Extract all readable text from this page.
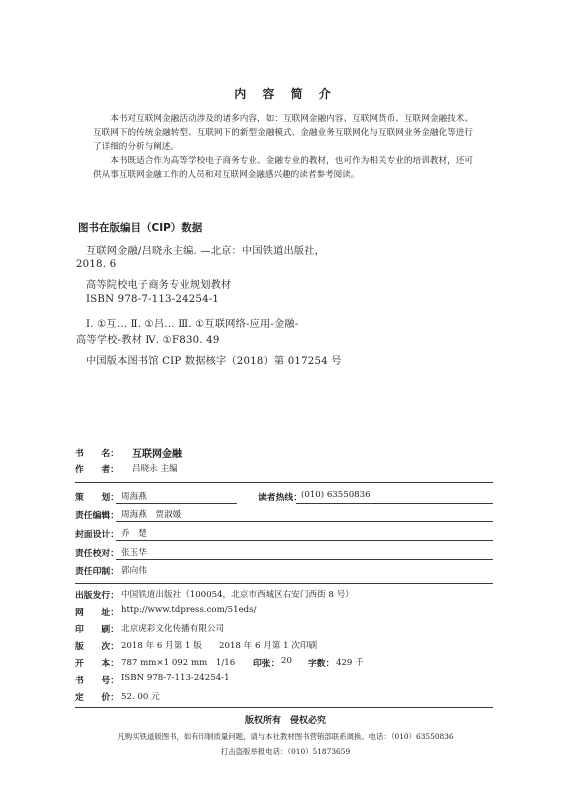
内 容 简 介

本书对互联网金融活动涉及的诸多内容，如：互联网金融内容、互联网货币、互联网金融技术、互联网下的传统金融转型、互联网下的新型金融模式、金融业务互联网化与互联网业务金融化等进行了详细的分析与阐述。

本书既适合作为高等学校电子商务专业、金融专业的教材，也可作为相关专业的培训教材，还可供从事互联网金融工作的人员和对互联网金融感兴趣的读者参考阅读。

图书在版编目（CIP）数据
互联网金融/吕晓永主编. —北京：中国铁道出版社，
2018. 6
高等院校电子商务专业规划教材
ISBN 978-7-113-24254-1
Ⅰ. ①互… Ⅱ. ①吕… Ⅲ. ①互联网络-应用-金融-
高等学校-教材 Ⅳ. ①F830. 49
中国版本图书馆 CIP 数据核字（2018）第 017254 号
书　　名： 互联网金融
作　　者： 吕晓永 主编
策　　划： 周海燕	读者热线： (010) 63550836
责任编辑： 周海燕　贾淑媛
封面设计： 乔　楚
责任校对： 张玉华
责任印制： 郭向伟
出版发行： 中国铁道出版社（100054，北京市西城区右安门西街 8 号）
网　　址： http://www.tdpress.com/51eds/
印　　刷： 北京虎彩文化传播有限公司
版　　次： 2018 年 6 月第 1 版　　2018 年 6 月第 1 次印刷
开　　本： 787 mm×1 092 mm　1/16 印张： 20 字数： 429 千
书　　号： ISBN 978-7-113-24254-1
定　　价： 52. 00 元
版权所有　侵权必究
凡购买铁道版图书，如有印制质量问题，请与本社教材图书营销部联系调换。电话：（010）63550836
打击盗版举报电话：（010）51873659
